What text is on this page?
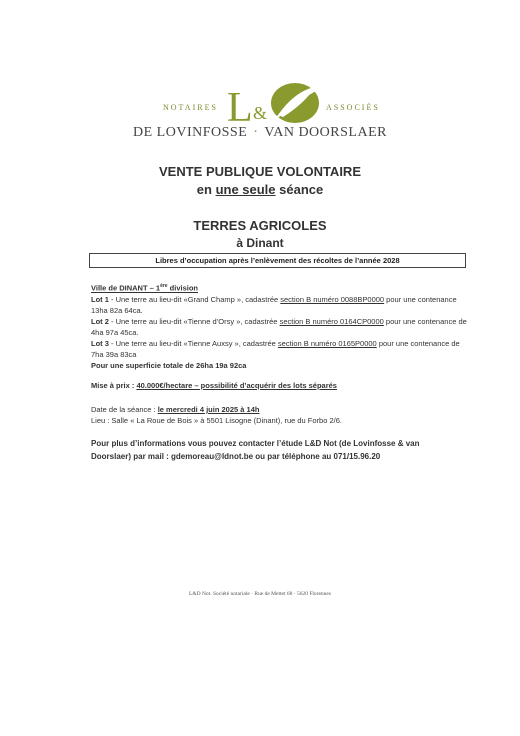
NOTAIRES L &	ASSOCIÉS
DE LOVINFOSSE · VAN DOORSLAER
VENTE PUBLIQUE VOLONTAIRE
en une seule séance
TERRES AGRICOLES
à Dinant
Libres d’occupation après l’enlèvement des récoltes de l’année 2028
Ville de DINANT – 1ère division
Lot 1 - Une terre au lieu-dit «Grand Champ », cadastrée section B numéro 0088BP0000 pour une contenance 13ha 82a 64ca.
Lot 2 - Une terre au lieu-dit «Tienne d’Orsy », cadastrée section B numéro 0164CP0000 pour une contenance de 4ha 97a 45ca.
Lot 3 - Une terre au lieu-dit «Tienne Auxsy », cadastrée section B numéro 0165P0000 pour une contenance de 7ha 39a 83ca
Pour une superficie totale de 26ha 19a 92ca
Mise à prix : 40.000€/hectare – possibilité d’acquérir des lots séparés
Date de la séance : le mercredi 4 juin 2025 à 14h
Lieu : Salle « La Roue de Bois » à 5501 Lisogne (Dinant), rue du Forbo 2/6.
Pour plus d’informations vous pouvez contacter l’étude L&D Not (de Lovinfosse & van
Doorslaer) par mail : gdemoreau@ldnot.be ou par téléphone au 071/15.96.20
L&D Not. Société notariale · Rue de Mettet 68 · 5620 Florennes
